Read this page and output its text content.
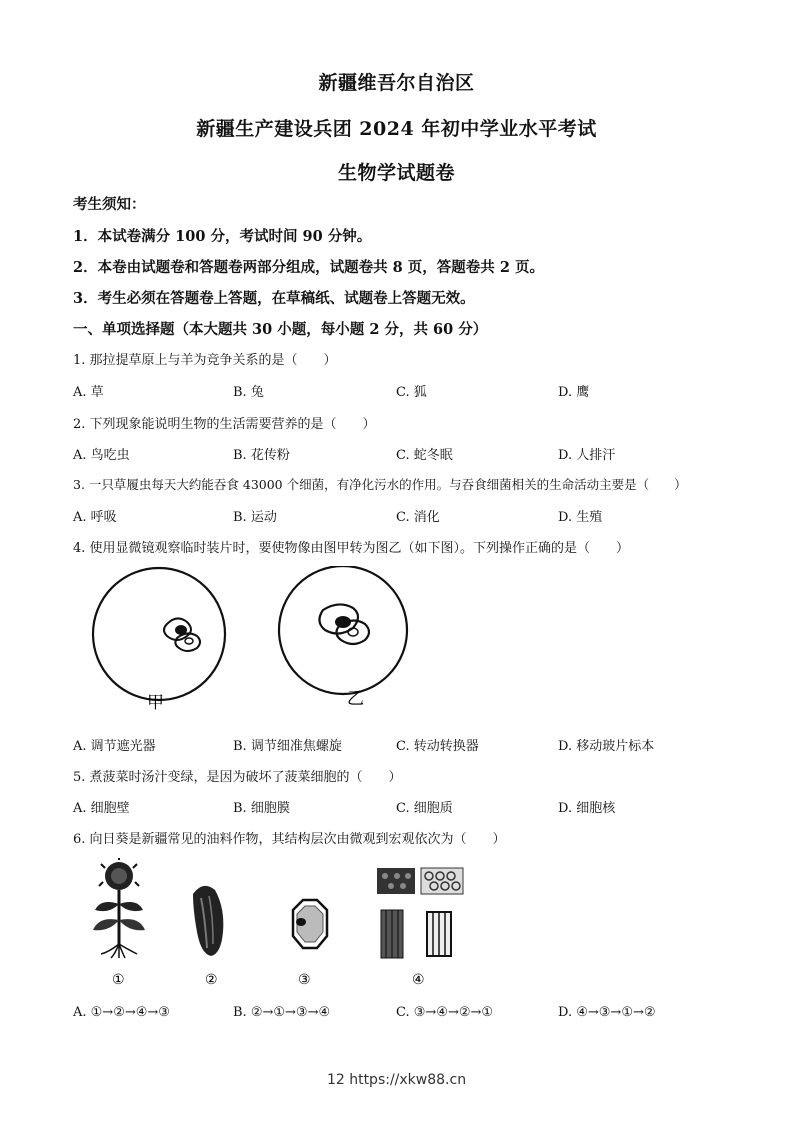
新疆维吾尔自治区
新疆生产建设兵团 2024 年初中学业水平考试
生物学试题卷
考生须知：
1．本试卷满分 100 分，考试时间 90 分钟。
2．本卷由试题卷和答题卷两部分组成，试题卷共 8 页，答题卷共 2 页。
3．考生必须在答题卷上答题，在草稿纸、试题卷上答题无效。
一、单项选择题（本大题共 30 小题，每小题 2 分，共 60 分）
1. 那拉提草原上与羊为竞争关系的是（　　）
A. 草	B. 兔	C. 狐	D. 鹰
2. 下列现象能说明生物的生活需要营养的是（　　）
A. 鸟吃虫	B. 花传粉	C. 蛇冬眠	D. 人排汗
3. 一只草履虫每天大约能吞食 43000 个细菌，有净化污水的作用。与吞食细菌相关的生命活动主要是（　　）
A. 呼吸	B. 运动	C. 消化	D. 生殖
4. 使用显微镜观察临时装片时，要使物像由图甲转为图乙（如下图）。下列操作正确的是（　　）
甲	乙
A. 调节遮光器	B. 调节细准焦螺旋	C. 转动转换器	D. 移动玻片标本
5. 煮菠菜时汤汁变绿，是因为破坏了菠菜细胞的（　　）
A. 细胞壁	B. 细胞膜	C. 细胞质	D. 细胞核
6. 向日葵是新疆常见的油料作物，其结构层次由微观到宏观依次为（　　）
①	②	③	④
A. ①→②→④→③	B. ②→①→③→④	C. ③→④→②→①	D. ④→③→①→②
12 https://xkw88.cn
